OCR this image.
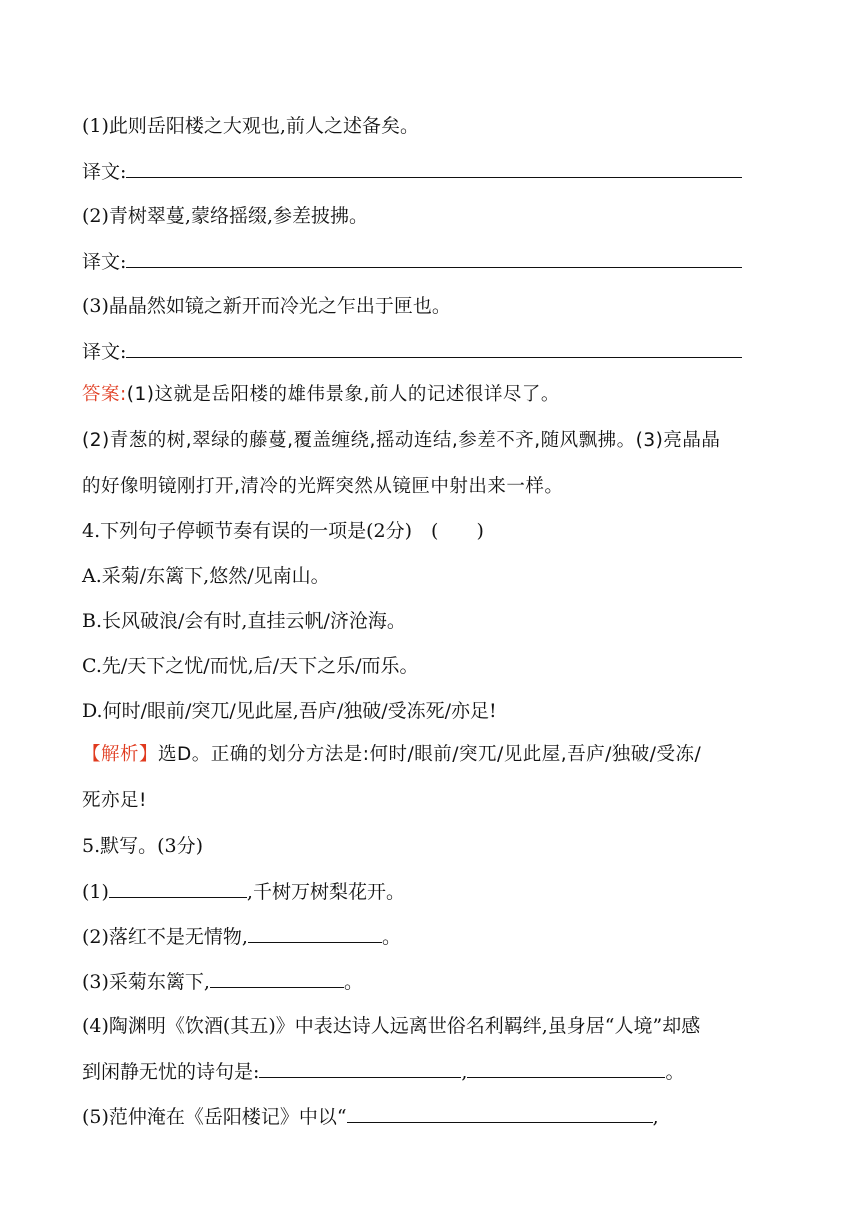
(1)此则岳阳楼之大观也,前人之述备矣。
译文:
(2)青树翠蔓,蒙络摇缀,参差披拂。
译文:
(3)晶晶然如镜之新开而冷光之乍出于匣也。
译文:
答案:(1)这就是岳阳楼的雄伟景象,前人的记述很详尽了。
(2)青葱的树,翠绿的藤蔓,覆盖缠绕,摇动连结,参差不齐,随风飘拂。(3)亮晶晶
的好像明镜刚打开,清冷的光辉突然从镜匣中射出来一样。
4.下列句子停顿节奏有误的一项是(2分)　(　　)
A.采菊/东篱下,悠然/见南山。
B.长风破浪/会有时,直挂云帆/济沧海。
C.先/天下之忧/而忧,后/天下之乐/而乐。
D.何时/眼前/突兀/见此屋,吾庐/独破/受冻死/亦足!
【解析】选D。正确的划分方法是:何时/眼前/突兀/见此屋,吾庐/独破/受冻/
死亦足!
5.默写。(3分)
(1)	,千树万树梨花开。
(2)落红不是无情物,	。
(3)采菊东篱下,	。
(4)陶渊明《饮酒(其五)》中表达诗人远离世俗名利羁绊,虽身居“人境”却感
到闲静无忧的诗句是:	,	。
(5)范仲淹在《岳阳楼记》中以“	,
